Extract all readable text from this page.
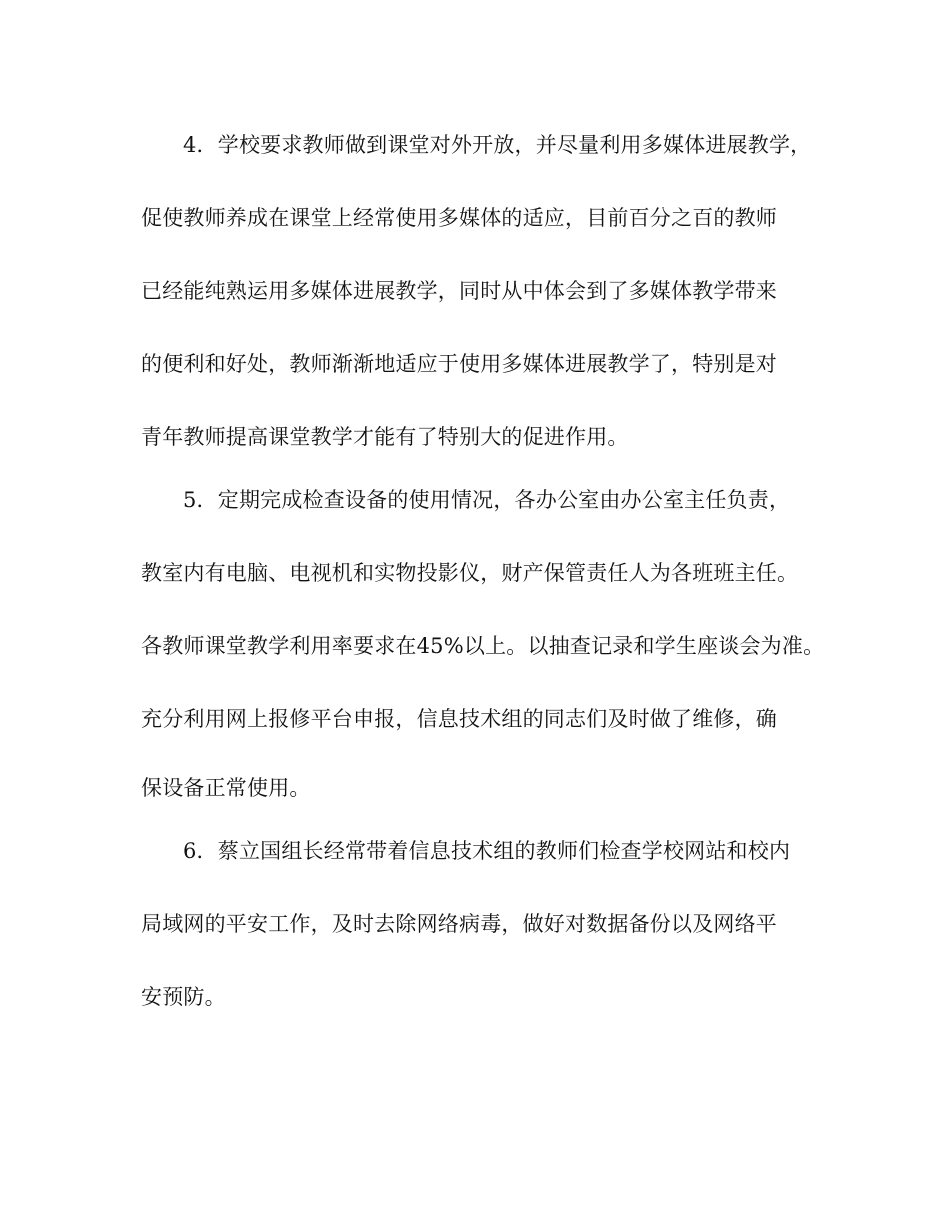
4．学校要求教师做到课堂对外开放，并尽量利用多媒体进展教学，

促使教师养成在课堂上经常使用多媒体的适应，目前百分之百的教师

已经能纯熟运用多媒体进展教学，同时从中体会到了多媒体教学带来

的便利和好处，教师渐渐地适应于使用多媒体进展教学了，特别是对

青年教师提高课堂教学才能有了特别大的促进作用。

5．定期完成检查设备的使用情况，各办公室由办公室主任负责，

教室内有电脑、电视机和实物投影仪，财产保管责任人为各班班主任。

各教师课堂教学利用率要求在45%以上。以抽查记录和学生座谈会为准。

充分利用网上报修平台申报，信息技术组的同志们及时做了维修，确

保设备正常使用。

6．蔡立国组长经常带着信息技术组的教师们检查学校网站和校内

局域网的平安工作，及时去除网络病毒，做好对数据备份以及网络平

安预防。
